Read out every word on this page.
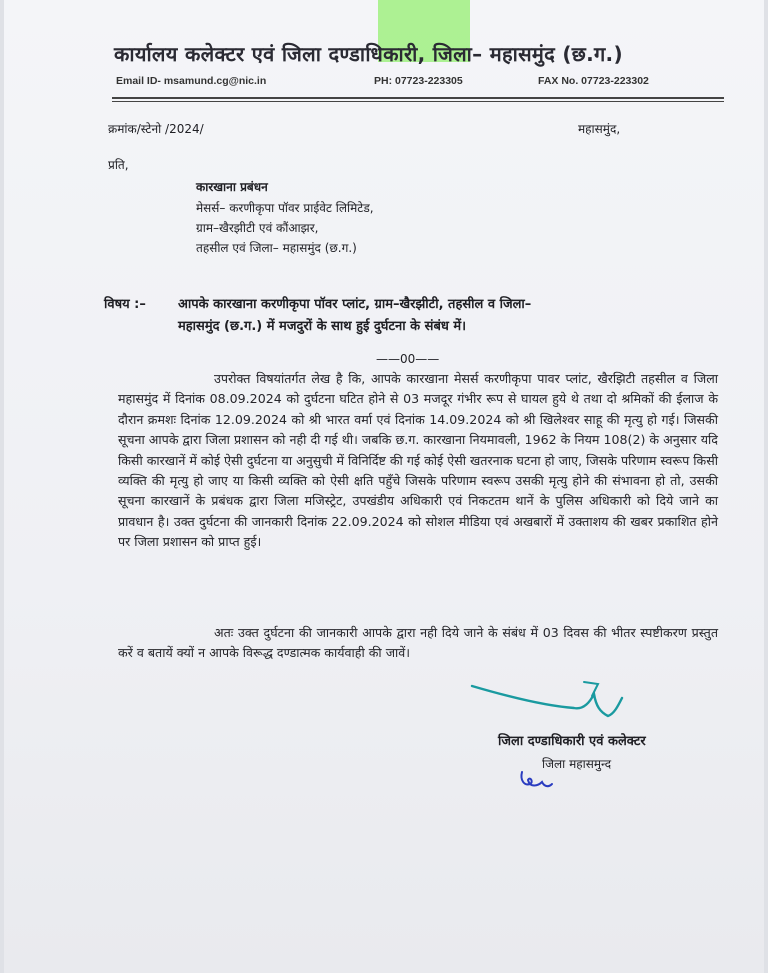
कार्यालय कलेक्टर एवं जिला दण्डाधिकारी, जिला– महासमुंद (छ.ग.)
Email ID- msamund.cg@nic.in	PH: 07723-223305	FAX No. 07723-223302
क्रमांक/स्टेनो /2024/	महासमुंद,
प्रति,
कारखाना प्रबंधन
मेसर्स– करणीकृपा पॉवर प्राईवेट लिमिटेड,
ग्राम–खैरझीटी एवं कौंआझर,
तहसील एवं जिला– महासमुंद (छ.ग.)
विषय :– आपके कारखाना करणीकृपा पॉवर प्लांट, ग्राम–खैरझीटी, तहसील व जिला–
महासमुंद (छ.ग.) में मजदुरों के साथ हुई दुर्घटना के संबंध में।
——00——
उपरोक्त विषयांतर्गत लेख है कि, आपके कारखाना मेसर्स करणीकृपा पावर प्लांट, खैरझिटी तहसील व जिला महासमुंद में दिनांक 08.09.2024 को दुर्घटना घटित होने से 03 मजदूर गंभीर रूप से घायल हुये थे तथा दो श्रमिकों की ईलाज के दौरान क्रमशः दिनांक 12.09.2024 को श्री भारत वर्मा एवं दिनांक 14.09.2024 को श्री खिलेश्वर साहू की मृत्यु हो गई। जिसकी सूचना आपके द्वारा जिला प्रशासन को नही दी गई थी। जबकि छ.ग. कारखाना नियमावली, 1962 के नियम 108(2) के अनुसार यदि किसी कारखानें में कोई ऐसी दुर्घटना या अनुसुची में विनिर्दिष्ट की गई कोई ऐसी खतरनाक घटना हो जाए, जिसके परिणाम स्वरूप किसी व्यक्ति की मृत्यु हो जाए या किसी व्यक्ति को ऐसी क्षति पहुँचे जिसके परिणाम स्वरूप उसकी मृत्यु होने की संभावना हो तो, उसकी सूचना कारखानें के प्रबंधक द्वारा जिला मजिस्ट्रेट, उपखंडीय अधिकारी एवं निकटतम थानें के पुलिस अधिकारी को दिये जाने का प्रावधान है। उक्त दुर्घटना की जानकारी दिनांक 22.09.2024 को सोशल मीडिया एवं अखबारों में उक्ताशय की खबर प्रकाशित होने पर जिला प्रशासन को प्राप्त हुई।
अतः उक्त दुर्घटना की जानकारी आपके द्वारा नही दिये जाने के संबंध में 03 दिवस की भीतर स्पष्टीकरण प्रस्तुत करें व बतायें क्यों न आपके विरूद्ध दण्डात्मक कार्यवाही की जावें।
जिला दण्डाधिकारी एवं कलेक्टर
जिला महासमुन्द
